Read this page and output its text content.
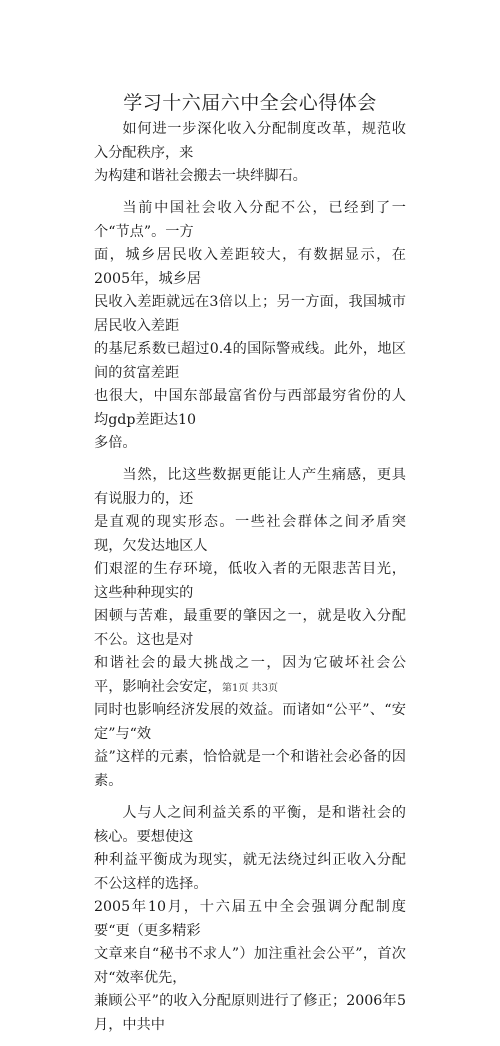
学习十六届六中全会心得体会

如何进一步深化收入分配制度改革，规范收入分配秩序，来
为构建和谐社会搬去一块绊脚石。

当前中国社会收入分配不公，已经到了一个“节点”。一方
面，城乡居民收入差距较大，有数据显示，在2005年，城乡居
民收入差距就远在3倍以上；另一方面，我国城市居民收入差距
的基尼系数已超过0.4的国际警戒线。此外，地区间的贫富差距
也很大，中国东部最富省份与西部最穷省份的人均gdp差距达10
多倍。

当然，比这些数据更能让人产生痛感，更具有说服力的，还
是直观的现实形态。一些社会群体之间矛盾突现，欠发达地区人
们艰涩的生存环境，低收入者的无限悲苦目光，这些种种现实的
困顿与苦难，最重要的肇因之一，就是收入分配不公。这也是对
和谐社会的最大挑战之一，因为它破坏社会公平，影响社会安定，
同时也影响经济发展的效益。而诸如“公平”、“安定”与“效
益”这样的元素，恰恰就是一个和谐社会必备的因素。

人与人之间利益关系的平衡，是和谐社会的核心。要想使这
种利益平衡成为现实，就无法绕过纠正收入分配不公这样的选择。
2005年10月，十六届五中全会强调分配制度要“更（更多精彩
文章来自“秘书不求人”）加注重社会公平”，首次对“效率优先，
兼顾公平”的收入分配原则进行了修正；2006年5月，中共中

第1页 共3页
